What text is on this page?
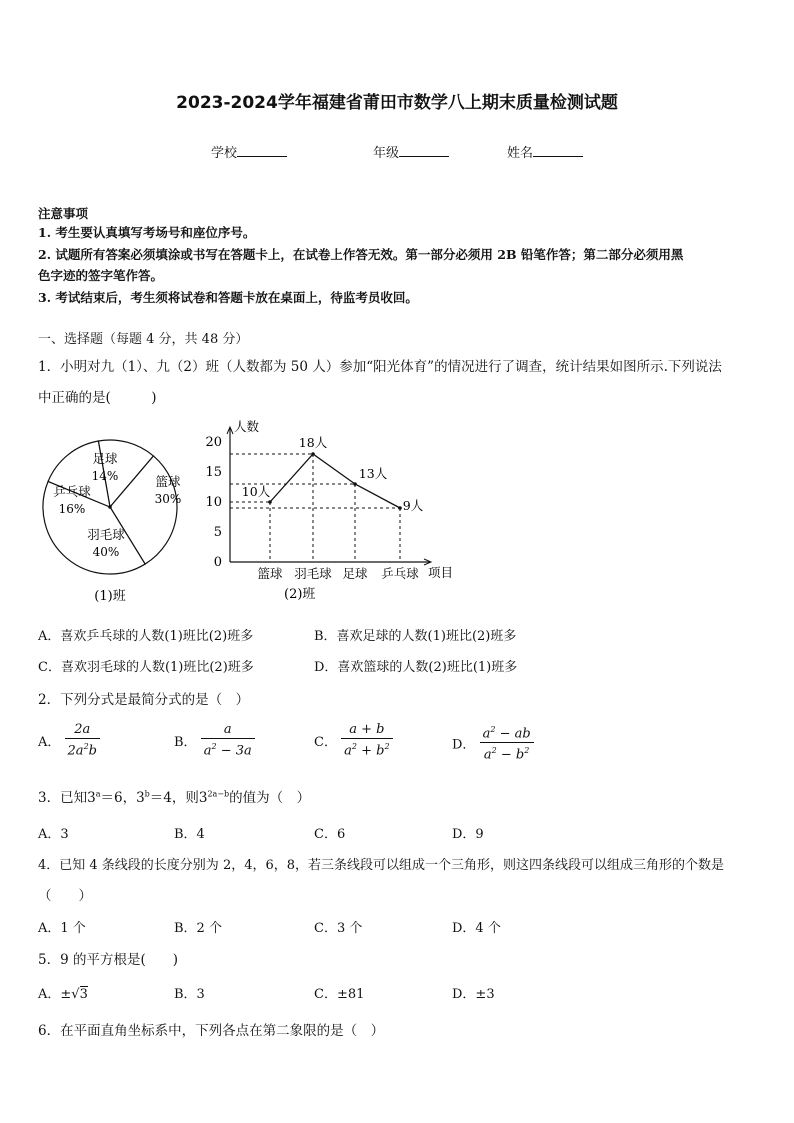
2023-2024学年福建省莆田市数学八上期末质量检测试题
学校	年级	姓名
注意事项
1. 考生要认真填写考场号和座位序号。
2. 试题所有答案必须填涂或书写在答题卡上，在试卷上作答无效。第一部分必须用 2B 铅笔作答；第二部分必须用黑
色字迹的签字笔作答。
3. 考试结束后，考生须将试卷和答题卡放在桌面上，待监考员收回。
一、选择题（每题 4 分，共 48 分）
1．小明对九（1）、九（2）班（人数都为 50 人）参加“阳光体育”的情况进行了调查，统计结果如图所示.下列说法
中正确的是(　　　)
足球
14%	篮球
30%
羽毛球
40%
乒乓球
16%
(1)班
人数
项目
0
5
10
15
20
篮球 羽毛球 足球 乒乓球
10人
18人
13人
9人
(2)班
A．喜欢乒乓球的人数(1)班比(2)班多	B．喜欢足球的人数(1)班比(2)班多
C．喜欢羽毛球的人数(1)班比(2)班多	D．喜欢篮球的人数(2)班比(1)班多
2．下列分式是最简分式的是（　）
A． $\frac{2a}{2a^2b}$	B． $\frac{a}{a^2 - 3a}$	C． $\frac{a + b}{a^2 + b^2}$	D． $\frac{a^2 - ab}{a^2 - b^2}$
3．已知$3^a=6$，$3^b=4$，则$3^{2a-b}$的值为（　）
A．3	B．4	C．6	D．9
4．已知 4 条线段的长度分别为 2，4，6，8，若三条线段可以组成一个三角形，则这四条线段可以组成三角形的个数是
（　　）
A．1 个	B．2 个	C．3 个	D．4 个
5．9 的平方根是(　　)
A．±√3	B．3	C．±81	D．±3
6．在平面直角坐标系中，下列各点在第二象限的是（　）
